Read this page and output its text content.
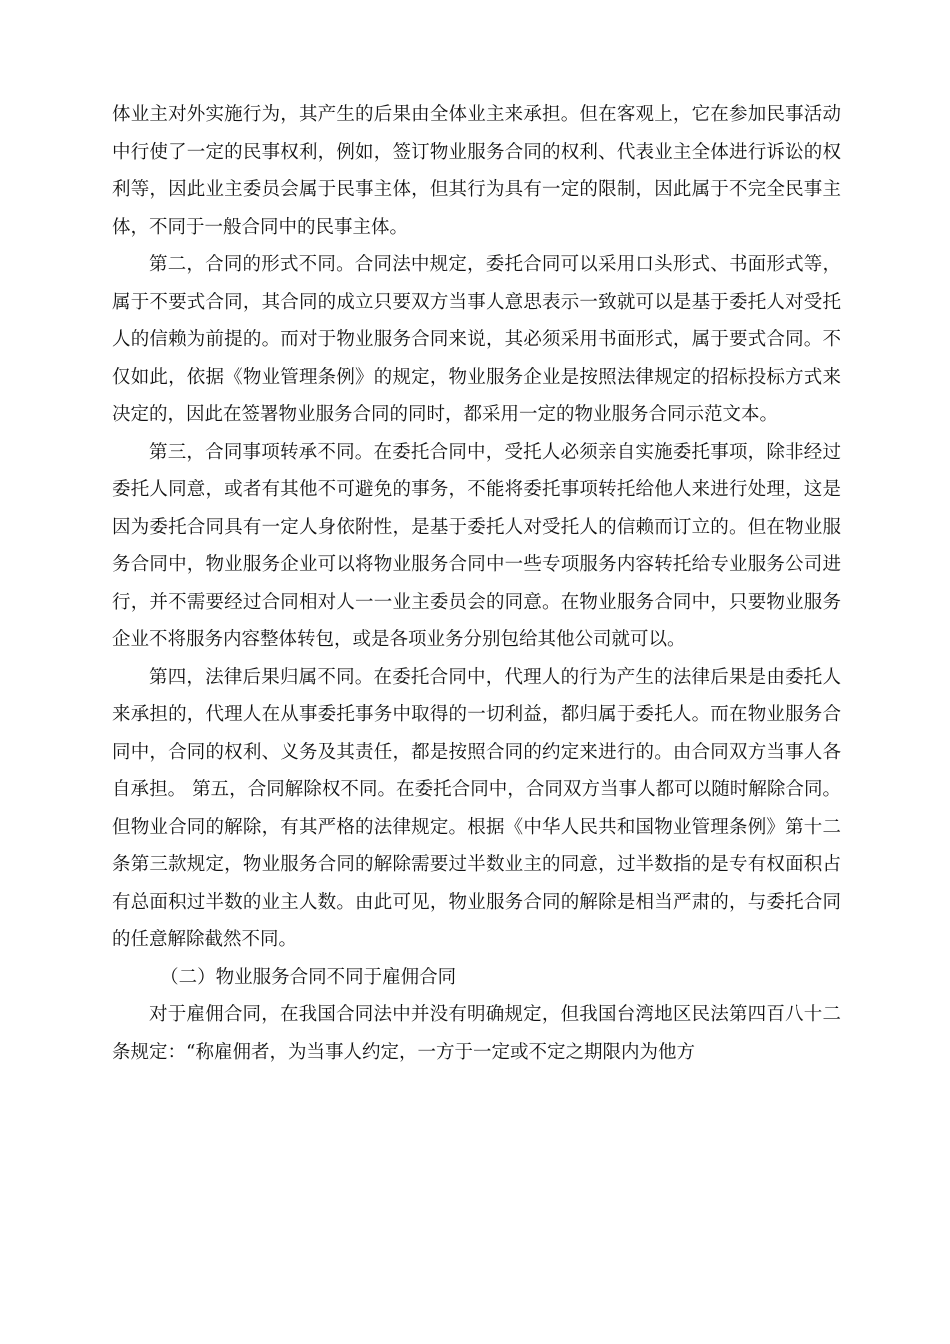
体业主对外实施行为，其产生的后果由全体业主来承担。但在客观上，它在参加民事活动中行使了一定的民事权利，例如，签订物业服务合同的权利、代表业主全体进行诉讼的权利等，因此业主委员会属于民事主体，但其行为具有一定的限制，因此属于不完全民事主体，不同于一般合同中的民事主体。

第二，合同的形式不同。合同法中规定，委托合同可以采用口头形式、书面形式等，属于不要式合同，其合同的成立只要双方当事人意思表示一致就可以是基于委托人对受托人的信赖为前提的。而对于物业服务合同来说，其必须采用书面形式，属于要式合同。不仅如此，依据《物业管理条例》的规定，物业服务企业是按照法律规定的招标投标方式来决定的，因此在签署物业服务合同的同时，都采用一定的物业服务合同示范文本。

第三，合同事项转承不同。在委托合同中，受托人必须亲自实施委托事项，除非经过委托人同意，或者有其他不可避免的事务，不能将委托事项转托给他人来进行处理，这是因为委托合同具有一定人身依附性，是基于委托人对受托人的信赖而订立的。但在物业服务合同中，物业服务企业可以将物业服务合同中一些专项服务内容转托给专业服务公司进行，并不需要经过合同相对人一一业主委员会的同意。在物业服务合同中，只要物业服务企业不将服务内容整体转包，或是各项业务分别包给其他公司就可以。

第四，法律后果归属不同。在委托合同中，代理人的行为产生的法律后果是由委托人来承担的，代理人在从事委托事务中取得的一切利益，都归属于委托人。而在物业服务合同中，合同的权利、义务及其责任，都是按照合同的约定来进行的。由合同双方当事人各自承担。 第五，合同解除权不同。在委托合同中，合同双方当事人都可以随时解除合同。但物业合同的解除，有其严格的法律规定。根据《中华人民共和国物业管理条例》第十二条第三款规定，物业服务合同的解除需要过半数业主的同意，过半数指的是专有权面积占有总面积过半数的业主人数。由此可见，物业服务合同的解除是相当严肃的，与委托合同的任意解除截然不同。

（二）物业服务合同不同于雇佣合同

对于雇佣合同，在我国合同法中并没有明确规定，但我国台湾地区民法第四百八十二条规定：“称雇佣者，为当事人约定，一方于一定或不定之期限内为他方
